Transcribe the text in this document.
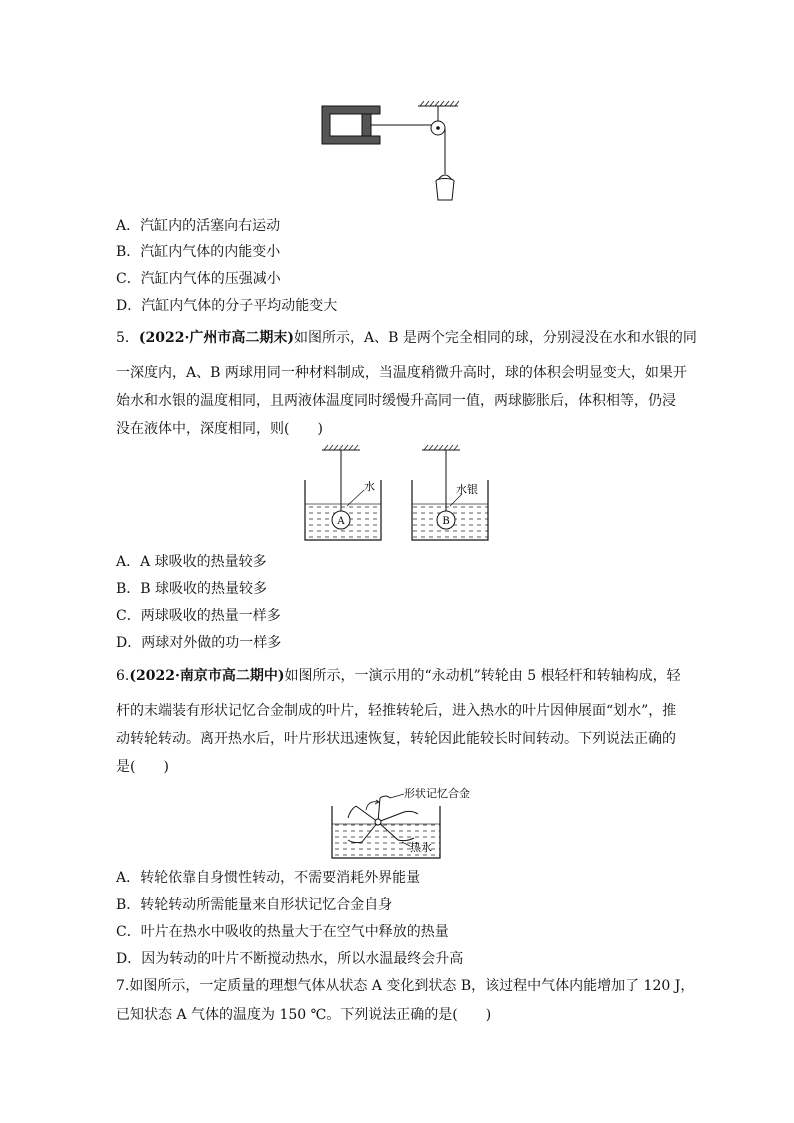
A．汽缸内的活塞向右运动
B．汽缸内气体的内能变小
C．汽缸内气体的压强减小
D．汽缸内气体的分子平均动能变大
5．(2022·广州市高二期末)如图所示，A、B 是两个完全相同的球，分别浸没在水和水银的同
一深度内，A、B 两球用同一种材料制成，当温度稍微升高时，球的体积会明显变大，如果开
始水和水银的温度相同，且两液体温度同时缓慢升高同一值，两球膨胀后，体积相等，仍浸
没在液体中，深度相同，则(　　)
A
水
B
水银
A．A 球吸收的热量较多
B．B 球吸收的热量较多
C．两球吸收的热量一样多
D．两球对外做的功一样多
6.(2022·南京市高二期中)如图所示，一演示用的“永动机”转轮由 5 根轻杆和转轴构成，轻
杆的末端装有形状记忆合金制成的叶片，轻推转轮后，进入热水的叶片因伸展面“划水”，推
动转轮转动。离开热水后，叶片形状迅速恢复，转轮因此能较长时间转动。下列说法正确的
是(　　)
形状记忆合金
热水
A．转轮依靠自身惯性转动，不需要消耗外界能量
B．转轮转动所需能量来自形状记忆合金自身
C．叶片在热水中吸收的热量大于在空气中释放的热量
D．因为转动的叶片不断搅动热水，所以水温最终会升高
7.如图所示，一定质量的理想气体从状态 A 变化到状态 B，该过程中气体内能增加了 120 J，
已知状态 A 气体的温度为 150 ℃。下列说法正确的是(　　)
